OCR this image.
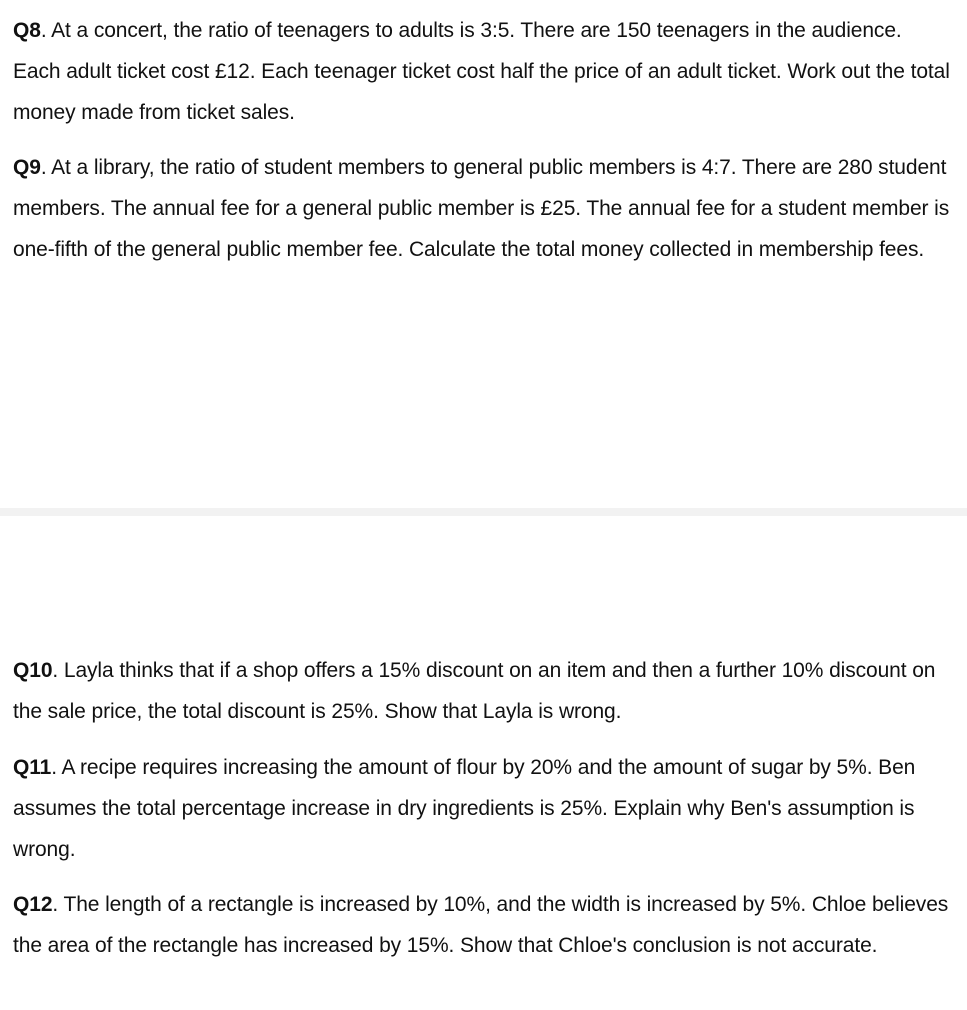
Q8. At a concert, the ratio of teenagers to adults is 3:5. There are 150 teenagers in the audience. Each adult ticket cost £12. Each teenager ticket cost half the price of an adult ticket. Work out the total money made from ticket sales.

Q9. At a library, the ratio of student members to general public members is 4:7. There are 280 student members. The annual fee for a general public member is £25. The annual fee for a student member is one-fifth of the general public member fee. Calculate the total money collected in membership fees.

Q10. Layla thinks that if a shop offers a 15% discount on an item and then a further 10% discount on the sale price, the total discount is 25%. Show that Layla is wrong.

Q11. A recipe requires increasing the amount of flour by 20% and the amount of sugar by 5%. Ben assumes the total percentage increase in dry ingredients is 25%. Explain why Ben's assumption is wrong.

Q12. The length of a rectangle is increased by 10%, and the width is increased by 5%. Chloe believes the area of the rectangle has increased by 15%. Show that Chloe's conclusion is not accurate.
